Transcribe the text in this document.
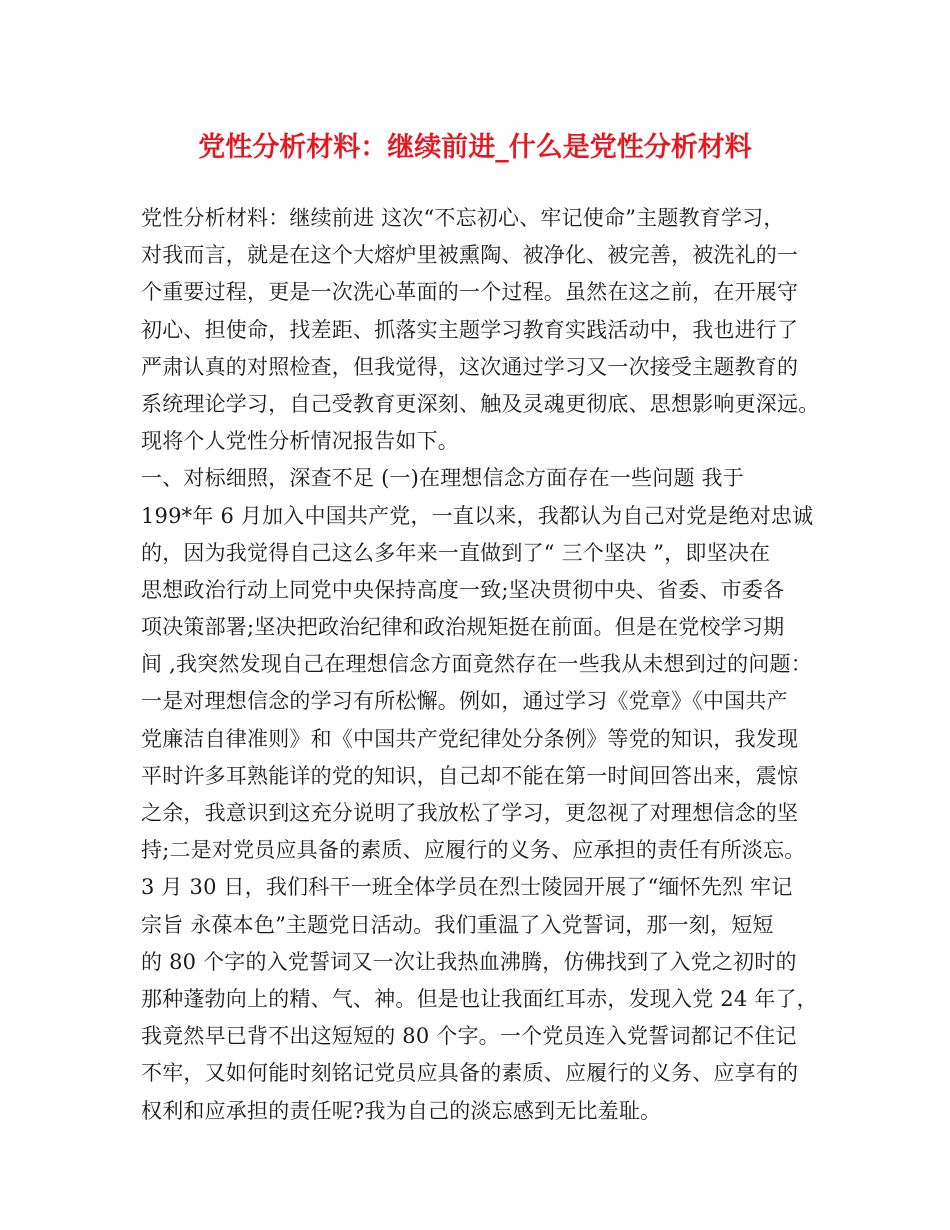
党性分析材料：继续前进_什么是党性分析材料
党性分析材料：继续前进 这次“不忘初心、牢记使命”主题教育学习，
对我而言，就是在这个大熔炉里被熏陶、被净化、被完善，被洗礼的一
个重要过程，更是一次洗心革面的一个过程。虽然在这之前，在开展守
初心、担使命，找差距、抓落实主题学习教育实践活动中，我也进行了
严肃认真的对照检查，但我觉得，这次通过学习又一次接受主题教育的
系统理论学习，自己受教育更深刻、触及灵魂更彻底、思想影响更深远。
现将个人党性分析情况报告如下。
一、对标细照，深查不足 (一)在理想信念方面存在一些问题 我于
199*年 6 月加入中国共产党，一直以来，我都认为自己对党是绝对忠诚
的，因为我觉得自己这么多年来一直做到了“ 三个坚决 ”，即坚决在
思想政治行动上同党中央保持高度一致;坚决贯彻中央、省委、市委各
项决策部署;坚决把政治纪律和政治规矩挺在前面。但是在党校学习期
间 ,我突然发现自己在理想信念方面竟然存在一些我从未想到过的问题：
一是对理想信念的学习有所松懈。例如，通过学习《党章》《中国共产
党廉洁自律准则》和《中国共产党纪律处分条例》等党的知识，我发现
平时许多耳熟能详的党的知识，自己却不能在第一时间回答出来，震惊
之余，我意识到这充分说明了我放松了学习，更忽视了对理想信念的坚
持;二是对党员应具备的素质、应履行的义务、应承担的责任有所淡忘。
3 月 30 日，我们科干一班全体学员在烈士陵园开展了“缅怀先烈 牢记
宗旨 永葆本色”主题党日活动。我们重温了入党誓词，那一刻，短短
的 80 个字的入党誓词又一次让我热血沸腾，仿佛找到了入党之初时的
那种蓬勃向上的精、气、神。但是也让我面红耳赤，发现入党 24 年了，
我竟然早已背不出这短短的 80 个字。一个党员连入党誓词都记不住记
不牢，又如何能时刻铭记党员应具备的素质、应履行的义务、应享有的
权利和应承担的责任呢?我为自己的淡忘感到无比羞耻。
